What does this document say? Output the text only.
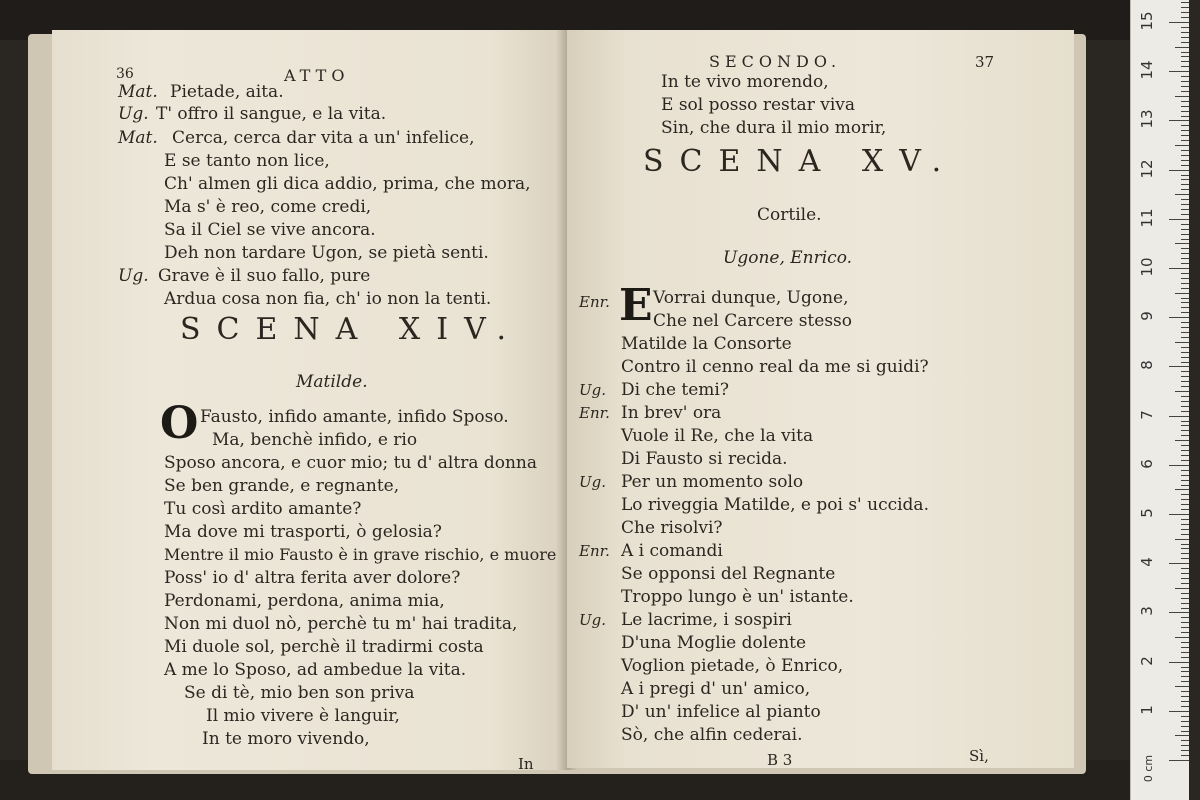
36	ATTO
Mat. Pietade, aita.
Ug. T' offro il sangue, e la vita.
Mat. Cerca, cerca dar vita a un' infelice,
E se tanto non lice,
Ch' almen gli dica addio, prima, che mora,
Ma s' è reo, come credi,
Sa il Ciel se vive ancora.
Deh non tardare Ugon, se pietà senti.
Ug. Grave è il suo fallo, pure
Ardua cosa non fia, ch' io non la tenti.
SCENA XIV.
Matilde.
O Fausto, infido amante, infido Sposo.
Ma, benchè infido, e rio
Sposo ancora, e cuor mio; tu d' altra donna
Se ben grande, e regnante,
Tu così ardito amante?
Ma dove mi trasporti, ò gelosia?
Mentre il mio Fausto è in grave rischio, e muore
Poss' io d' altra ferita aver dolore?
Perdonami, perdona, anima mia,
Non mi duol nò, perchè tu m' hai tradita,
Mi duole sol, perchè il tradirmi costa
A me lo Sposo, ad ambedue la vita.
Se di tè, mio ben son priva
Il mio vivere è languir,
In te moro vivendo,
In
SECONDO.	37
In te vivo morendo,
E sol posso restar viva
Sin, che dura il mio morir,
SCENA XV.
Cortile.
Ugone, Enrico.
Enr. E Vorrai dunque, Ugone,
Che nel Carcere stesso
Matilde la Consorte
Contro il cenno real da me si guidi?
Ug. Di che temi?
Enr. In brev' ora
Vuole il Re, che la vita
Di Fausto si recida.
Ug. Per un momento solo
Lo riveggia Matilde, e poi s' uccida.
Che risolvi?
Enr. A i comandi
Se opponsi del Regnante
Troppo lungo è un' istante.
Ug. Le lacrime, i sospiri
D'una Moglie dolente
Voglion pietade, ò Enrico,
A i pregi d' un' amico,
D' un' infelice al pianto
Sò, che alfin cederai.
B 3	Sì,
1
2
3
4
5
6
7
8
9
10
11
12
13
14
15
0 cm
